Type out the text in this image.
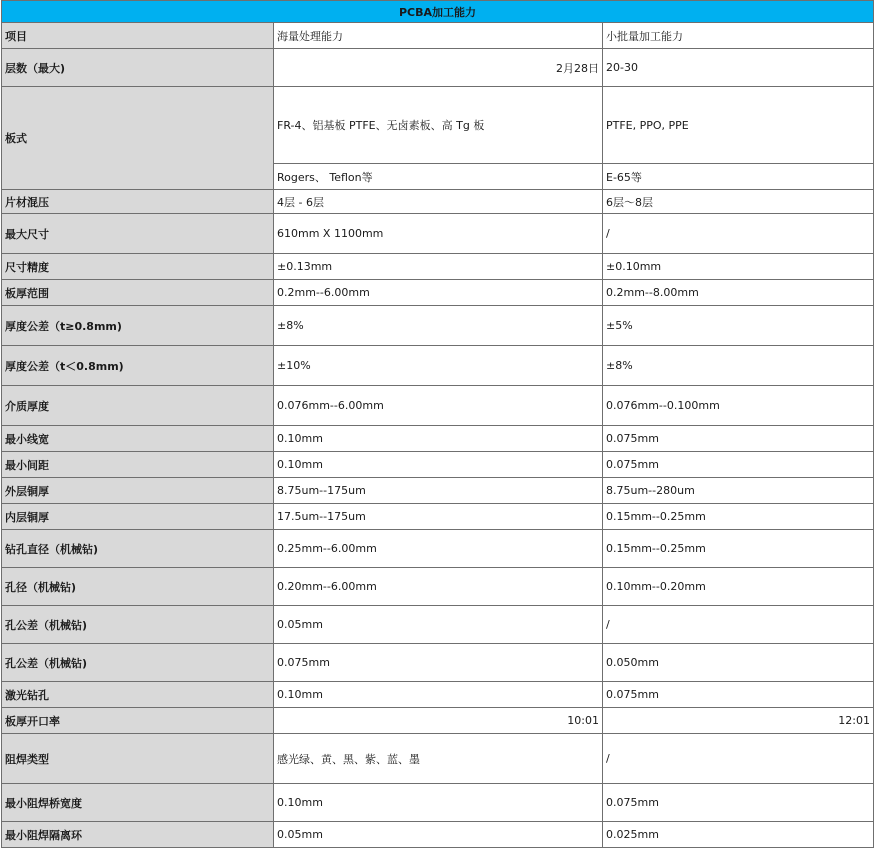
PCBA加工能力		
项目	海量处理能力	小批量加工能力
层数（最大)	2月28日	20-30
板式	FR-4、铝基板 PTFE、无卤素板、高 Tg 板	PTFE, PPO, PPE
	Rogers、 Teflon等	E-65等
片材混压	4层 - 6层	6层～8层
最大尺寸	610mm X 1100mm	/
尺寸精度	±0.13mm	±0.10mm
板厚范围	0.2mm--6.00mm	0.2mm--8.00mm
厚度公差（t≥0.8mm)	±8%	±5%
厚度公差（t＜0.8mm)	±10%	±8%
介质厚度	0.076mm--6.00mm	0.076mm--0.100mm
最小线宽	0.10mm	0.075mm
最小间距	0.10mm	0.075mm
外层铜厚	8.75um--175um	8.75um--280um
内层铜厚	17.5um--175um	0.15mm--0.25mm
钻孔直径（机械钻)	0.25mm--6.00mm	0.15mm--0.25mm
孔径（机械钻)	0.20mm--6.00mm	0.10mm--0.20mm
孔公差（机械钻)	0.05mm	/
孔公差（机械钻)	0.075mm	0.050mm
激光钻孔	0.10mm	0.075mm
板厚开口率	10:01	12:01
阻焊类型	感光绿、黄、黑、紫、蓝、墨	/
最小阻焊桥宽度	0.10mm	0.075mm
最小阻焊隔离环	0.05mm	0.025mm
